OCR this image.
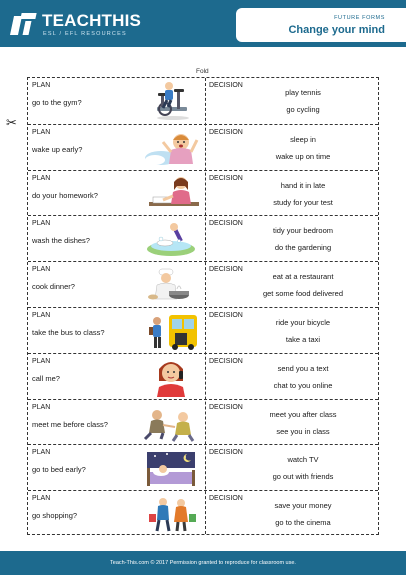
TEACHTHIS
ESL / EFL RESOURCES
FUTURE FORMS
Change your mind
Fold
✂
PLAN
go to the gym?
DECISION
play tennis
go cycling
PLAN
wake up early?
DECISION
sleep in
wake up on time
PLAN
do your homework?
DECISION
hand it in late
study for your test
PLAN
wash the dishes?
DECISION
tidy your bedroom
do the gardening
PLAN
cook dinner?
DECISION
eat at a restaurant
get some food delivered
PLAN
take the bus to class?
DECISION
ride your bicycle
take a taxi
PLAN
call me?
DECISION
send you a text
chat to you online
PLAN
meet me before class?
DECISION
meet you after class
see you in class
PLAN
go to bed early?
DECISION
watch TV
go out with friends
PLAN
go shopping?
DECISION
save your money
go to the cinema
Teach-This.com © 2017 Permission granted to reproduce for classroom use.
